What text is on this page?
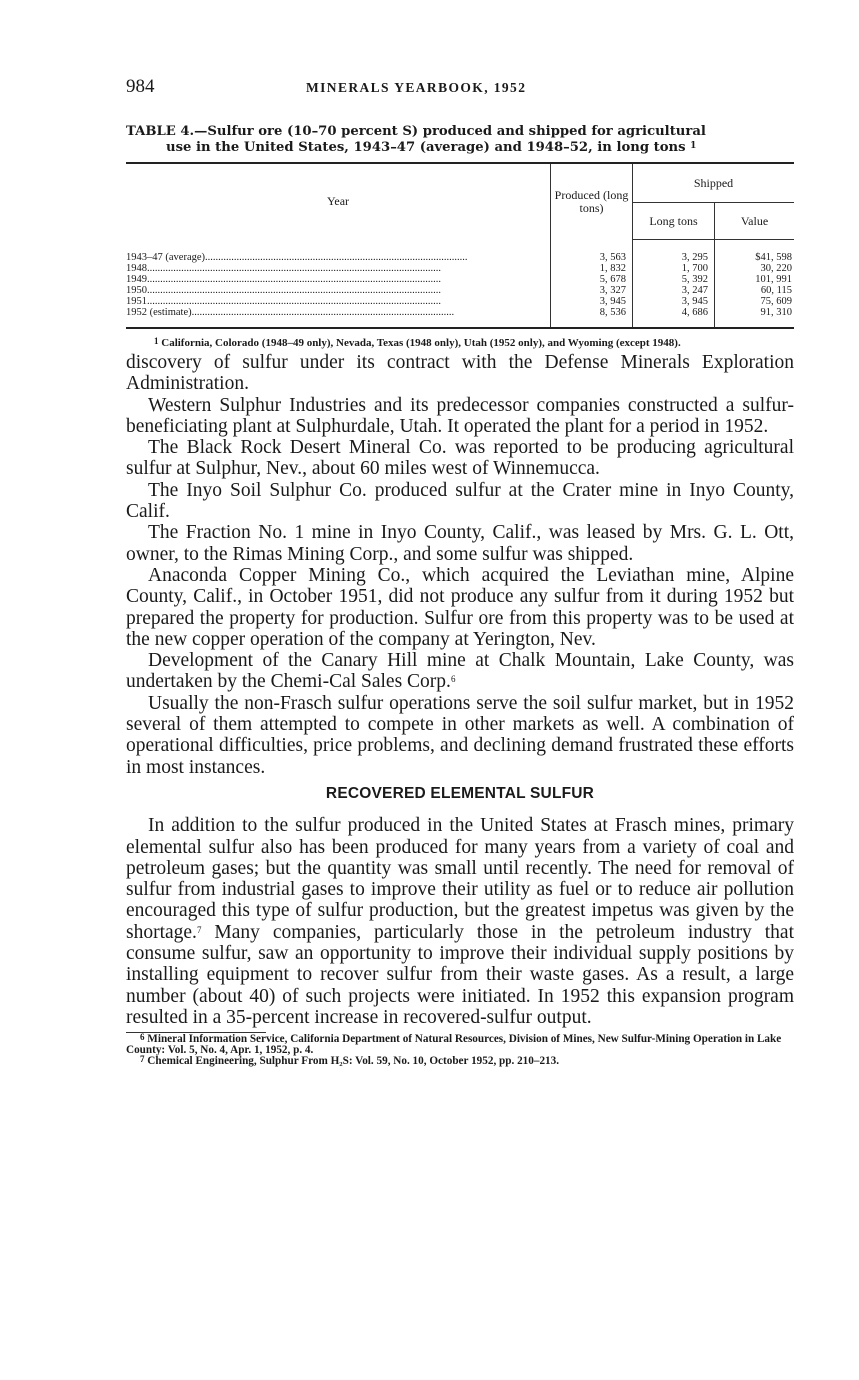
984	MINERALS YEARBOOK, 1952
TABLE 4.—Sulfur ore (10–70 percent S) produced and shipped for agricultural
use in the United States, 1943–47 (average) and 1948–52, in long tons $^1$
Year	Produced (long tons)	Shipped	
		Long tons	Value
1943–47 (average)....................................................................................................	3, 563	3, 295	$41, 598
1948................................................................................................................	1, 832	1, 700	30, 220
1949................................................................................................................	5, 678	5, 392	101, 991
1950................................................................................................................	3, 327	3, 247	60, 115
1951................................................................................................................	3, 945	3, 945	75, 609
1952 (estimate)....................................................................................................	8, 536	4, 686	91, 310
$^1$ California, Colorado (1948–49 only), Nevada, Texas (1948 only), Utah (1952 only), and Wyoming (except 1948).

discovery of sulfur under its contract with the Defense Minerals Exploration Administration.

Western Sulphur Industries and its predecessor companies constructed a sulfur-beneficiating plant at Sulphurdale, Utah. It operated the plant for a period in 1952.

The Black Rock Desert Mineral Co. was reported to be producing agricultural sulfur at Sulphur, Nev., about 60 miles west of Winnemucca.

The Inyo Soil Sulphur Co. produced sulfur at the Crater mine in Inyo County, Calif.

The Fraction No. 1 mine in Inyo County, Calif., was leased by Mrs. G. L. Ott, owner, to the Rimas Mining Corp., and some sulfur was shipped.

Anaconda Copper Mining Co., which acquired the Leviathan mine, Alpine County, Calif., in October 1951, did not produce any sulfur from it during 1952 but prepared the property for production. Sulfur ore from this property was to be used at the new copper operation of the company at Yerington, Nev.

Development of the Canary Hill mine at Chalk Mountain, Lake County, was undertaken by the Chemi-Cal Sales Corp.$^6$

Usually the non-Frasch sulfur operations serve the soil sulfur market, but in 1952 several of them attempted to compete in other markets as well. A combination of operational difficulties, price problems, and declining demand frustrated these efforts in most instances.

RECOVERED ELEMENTAL SULFUR

In addition to the sulfur produced in the United States at Frasch mines, primary elemental sulfur also has been produced for many years from a variety of coal and petroleum gases; but the quantity was small until recently. The need for removal of sulfur from industrial gases to improve their utility as fuel or to reduce air pollution encouraged this type of sulfur production, but the greatest impetus was given by the shortage.$^7$ Many companies, particularly those in the petroleum industry that consume sulfur, saw an opportunity to improve their individual supply positions by installing equipment to recover sulfur from their waste gases. As a result, a large number (about 40) of such projects were initiated. In 1952 this expansion program resulted in a 35-percent increase in recovered-sulfur output.

$^6$ Mineral Information Service, California Department of Natural Resources, Division of Mines, New Sulfur-Mining Operation in Lake County: Vol. 5, No. 4, Apr. 1, 1952, p. 4.

$^7$ Chemical Engineering, Sulphur From H₂S: Vol. 59, No. 10, October 1952, pp. 210–213.
